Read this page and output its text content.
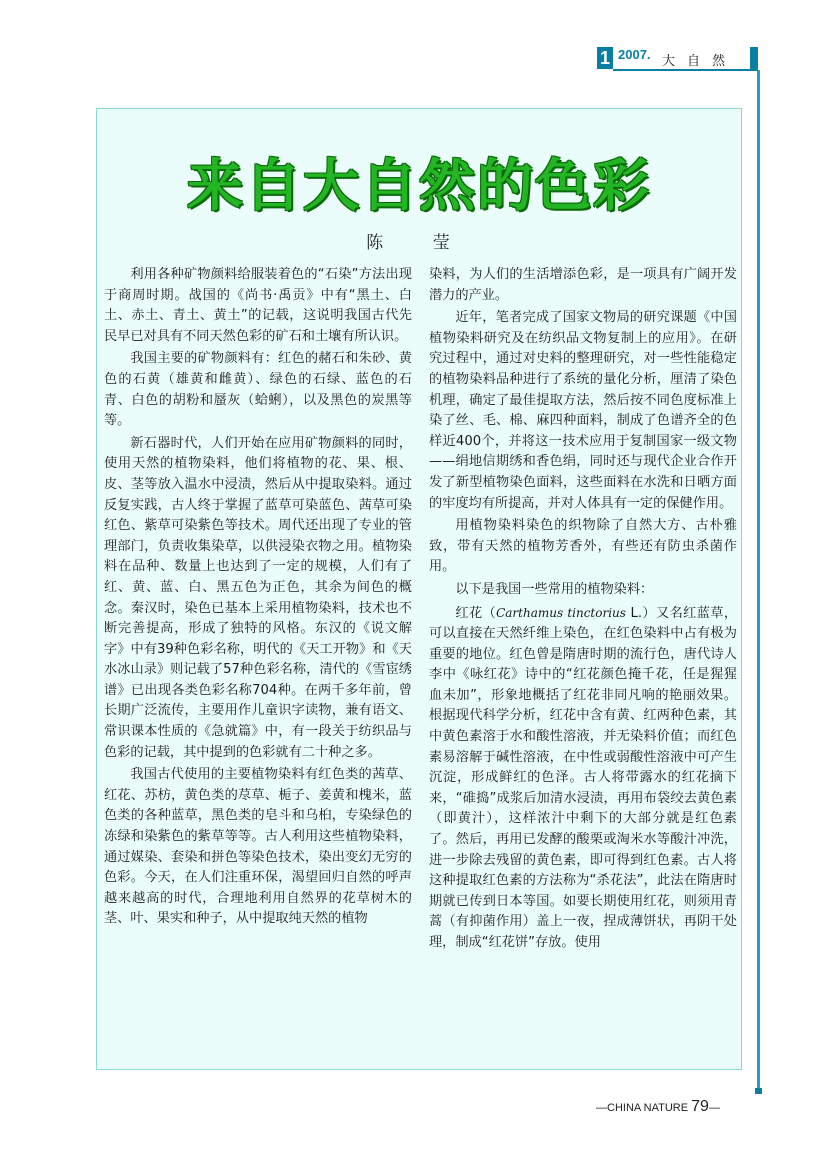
1 2007. 大自然
来自大自然的色彩
陈 莹

利用各种矿物颜料给服装着色的“石染”方法出现于商周时期。战国的《尚书·禹贡》中有“黑土、白土、赤土、青土、黄土”的记载，这说明我国古代先民早已对具有不同天然色彩的矿石和土壤有所认识。

我国主要的矿物颜料有：红色的赭石和朱砂、黄色的石黄（雄黄和雌黄）、绿色的石绿、蓝色的石青、白色的胡粉和蜃灰（蛤蜊），以及黑色的炭黑等等。

新石器时代，人们开始在应用矿物颜料的同时，使用天然的植物染料，他们将植物的花、果、根、皮、茎等放入温水中浸渍，然后从中提取染料。通过反复实践，古人终于掌握了蓝草可染蓝色、茜草可染红色、紫草可染紫色等技术。周代还出现了专业的管理部门，负责收集染草，以供浸染衣物之用。植物染料在品种、数量上也达到了一定的规模，人们有了红、黄、蓝、白、黑五色为正色，其余为间色的概念。秦汉时，染色已基本上采用植物染料，技术也不断完善提高，形成了独特的风格。东汉的《说文解字》中有39种色彩名称，明代的《天工开物》和《天水冰山录》则记载了57种色彩名称，清代的《雪宦绣谱》已出现各类色彩名称704种。在两千多年前，曾长期广泛流传，主要用作儿童识字读物，兼有语文、常识课本性质的《急就篇》中，有一段关于纺织品与色彩的记载，其中提到的色彩就有二十种之多。

我国古代使用的主要植物染料有红色类的茜草、红花、苏枋，黄色类的荩草、栀子、姜黄和槐米，蓝色类的各种蓝草，黑色类的皂斗和乌桕，专染绿色的冻绿和染紫色的紫草等等。古人利用这些植物染料，通过媒染、套染和拼色等染色技术，染出变幻无穷的色彩。今天，在人们注重环保，渴望回归自然的呼声越来越高的时代，合理地利用自然界的花草树木的茎、叶、果实和种子，从中提取纯天然的植物

染料，为人们的生活增添色彩，是一项具有广阔开发潜力的产业。

近年，笔者完成了国家文物局的研究课题《中国植物染料研究及在纺织品文物复制上的应用》。在研究过程中，通过对史料的整理研究，对一些性能稳定的植物染料品种进行了系统的量化分析，厘清了染色机理，确定了最佳提取方法，然后按不同色度标准上染了丝、毛、棉、麻四种面料，制成了色谱齐全的色样近400个，并将这一技术应用于复制国家一级文物——绢地信期绣和香色绢，同时还与现代企业合作开发了新型植物染色面料，这些面料在水洗和日晒方面的牢度均有所提高，并对人体具有一定的保健作用。

用植物染料染色的织物除了自然大方、古朴雅致，带有天然的植物芳香外，有些还有防虫杀菌作用。

以下是我国一些常用的植物染料：

红花（Carthamus tinctorius L.）又名红蓝草，可以直接在天然纤维上染色，在红色染料中占有极为重要的地位。红色曾是隋唐时期的流行色，唐代诗人李中《咏红花》诗中的“红花颜色掩千花，任是猩猩血未加”，形象地概括了红花非同凡响的艳丽效果。根据现代科学分析，红花中含有黄、红两种色素，其中黄色素溶于水和酸性溶液，并无染料价值；而红色素易溶解于碱性溶液，在中性或弱酸性溶液中可产生沉淀，形成鲜红的色泽。古人将带露水的红花摘下来，“碓捣”成浆后加清水浸渍，再用布袋绞去黄色素（即黄汁），这样浓汁中剩下的大部分就是红色素了。然后，再用已发酵的酸栗或淘米水等酸汁冲洗，进一步除去残留的黄色素，即可得到红色素。古人将这种提取红色素的方法称为“杀花法”，此法在隋唐时期就已传到日本等国。如要长期使用红花，则须用青蒿（有抑菌作用）盖上一夜，捏成薄饼状，再阴干处理，制成“红花饼”存放。使用

—CHINA NATURE 79—
